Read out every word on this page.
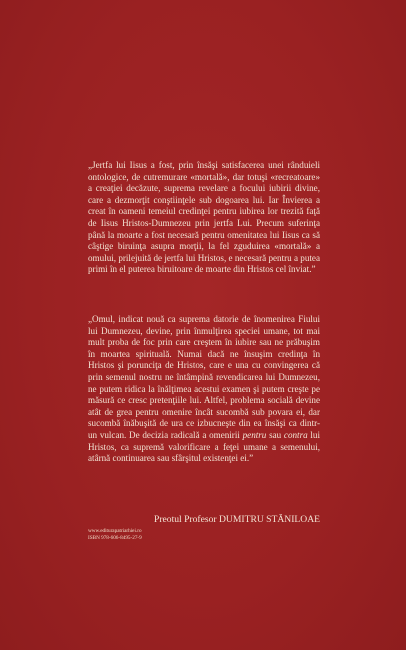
„Jertfa lui Iisus a fost, prin însăşi satisfacerea unei rânduieli ontologice, de cutremurare «mortală», dar totuşi «recreatoare» a creaţiei decăzute, suprema revelare a focului iubirii divine, care a dezmorţit conştiinţele sub dogoarea lui. Iar Învierea a creat în oameni temeiul credinţei pentru iubirea lor trezită faţă de Iisus Hristos-Dumnezeu prin jertfa Lui. Precum suferinţa până la moarte a fost necesară pentru omenitatea lui Iisus ca să câştige biruinţa asupra morţii, la fel zguduirea «mortală» a omului, prilejuită de jertfa lui Hristos, e necesară pentru a putea primi în el puterea biruitoare de moarte din Hristos cel înviat.”

„Omul, indicat nouă ca suprema datorie de înomenirea Fiului lui Dumnezeu, devine, prin înmulţirea speciei umane, tot mai mult proba de foc prin care creştem în iubire sau ne prăbuşim în moartea spirituală. Numai dacă ne însuşim credinţa în Hristos şi porunciţa de Hristos, care e una cu convingerea că prin semenul nostru ne întâmpină revendicarea lui Dumnezeu, ne putem ridica la înălţimea acestui examen şi putem creşte pe măsură ce cresc pretenţiile lui. Altfel, problema socială devine atât de grea pentru omenire încât sucombă sub povara ei, dar sucombă înăbuşită de ura ce izbucneşte din ea însăşi ca dintr-un vulcan. De decizia radicală a omenirii pentru sau contra lui Hristos, ca supremă valorificare a feţei umane a semenului, atârnă continuarea sau sfârşitul existenţei ei.”

Preotul Profesor DUMITRU STĂNILOAE

www.editurapatriarhiei.ro
ISBN 978-606-8495-27-9
